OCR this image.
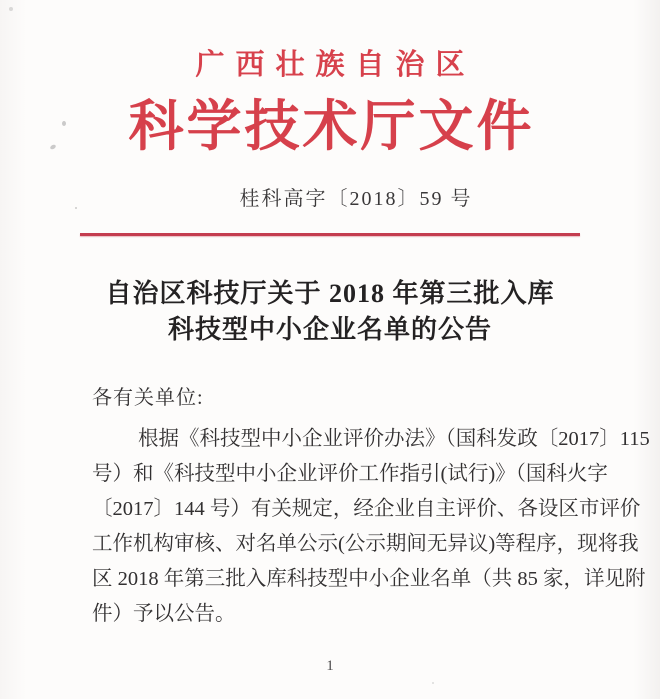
广西壮族自治区
科学技术厅文件
桂科高字〔2018〕59 号
自治区科技厅关于 2018 年第三批入库
科技型中小企业名单的公告

各有关单位:

根据《科技型中小企业评价办法》（国科发政〔2017〕115
号）和《科技型中小企业评价工作指引(试行)》（国科火字
〔2017〕144 号）有关规定，经企业自主评价、各设区市评价
工作机构审核、对名单公示(公示期间无异议)等程序，现将我
区 2018 年第三批入库科技型中小企业名单（共 85 家，详见附
件）予以公告。
1
